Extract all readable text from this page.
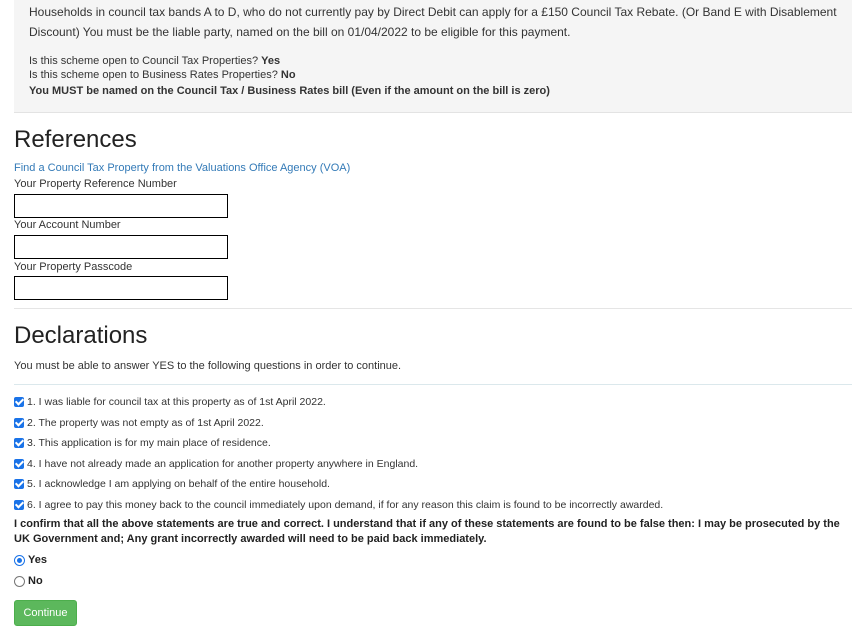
Households in council tax bands A to D, who do not currently pay by Direct Debit can apply for a £150 Council Tax Rebate. (Or Band E with Disablement Discount) You must be the liable party, named on the bill on 01/04/2022 to be eligible for this payment.
Is this scheme open to Council Tax Properties? Yes
Is this scheme open to Business Rates Properties? No
You MUST be named on the Council Tax / Business Rates bill (Even if the amount on the bill is zero)
References
Find a Council Tax Property from the Valuations Office Agency (VOA)
Your Property Reference Number
Your Account Number
Your Property Passcode
Declarations
You must be able to answer YES to the following questions in order to continue.
1. I was liable for council tax at this property as of 1st April 2022.
2. The property was not empty as of 1st April 2022.
3. This application is for my main place of residence.
4. I have not already made an application for another property anywhere in England.
5. I acknowledge I am applying on behalf of the entire household.
6. I agree to pay this money back to the council immediately upon demand, if for any reason this claim is found to be incorrectly awarded.
I confirm that all the above statements are true and correct. I understand that if any of these statements are found to be false then: I may be prosecuted by the UK Government and; Any grant incorrectly awarded will need to be paid back immediately.
Yes
No
Continue
